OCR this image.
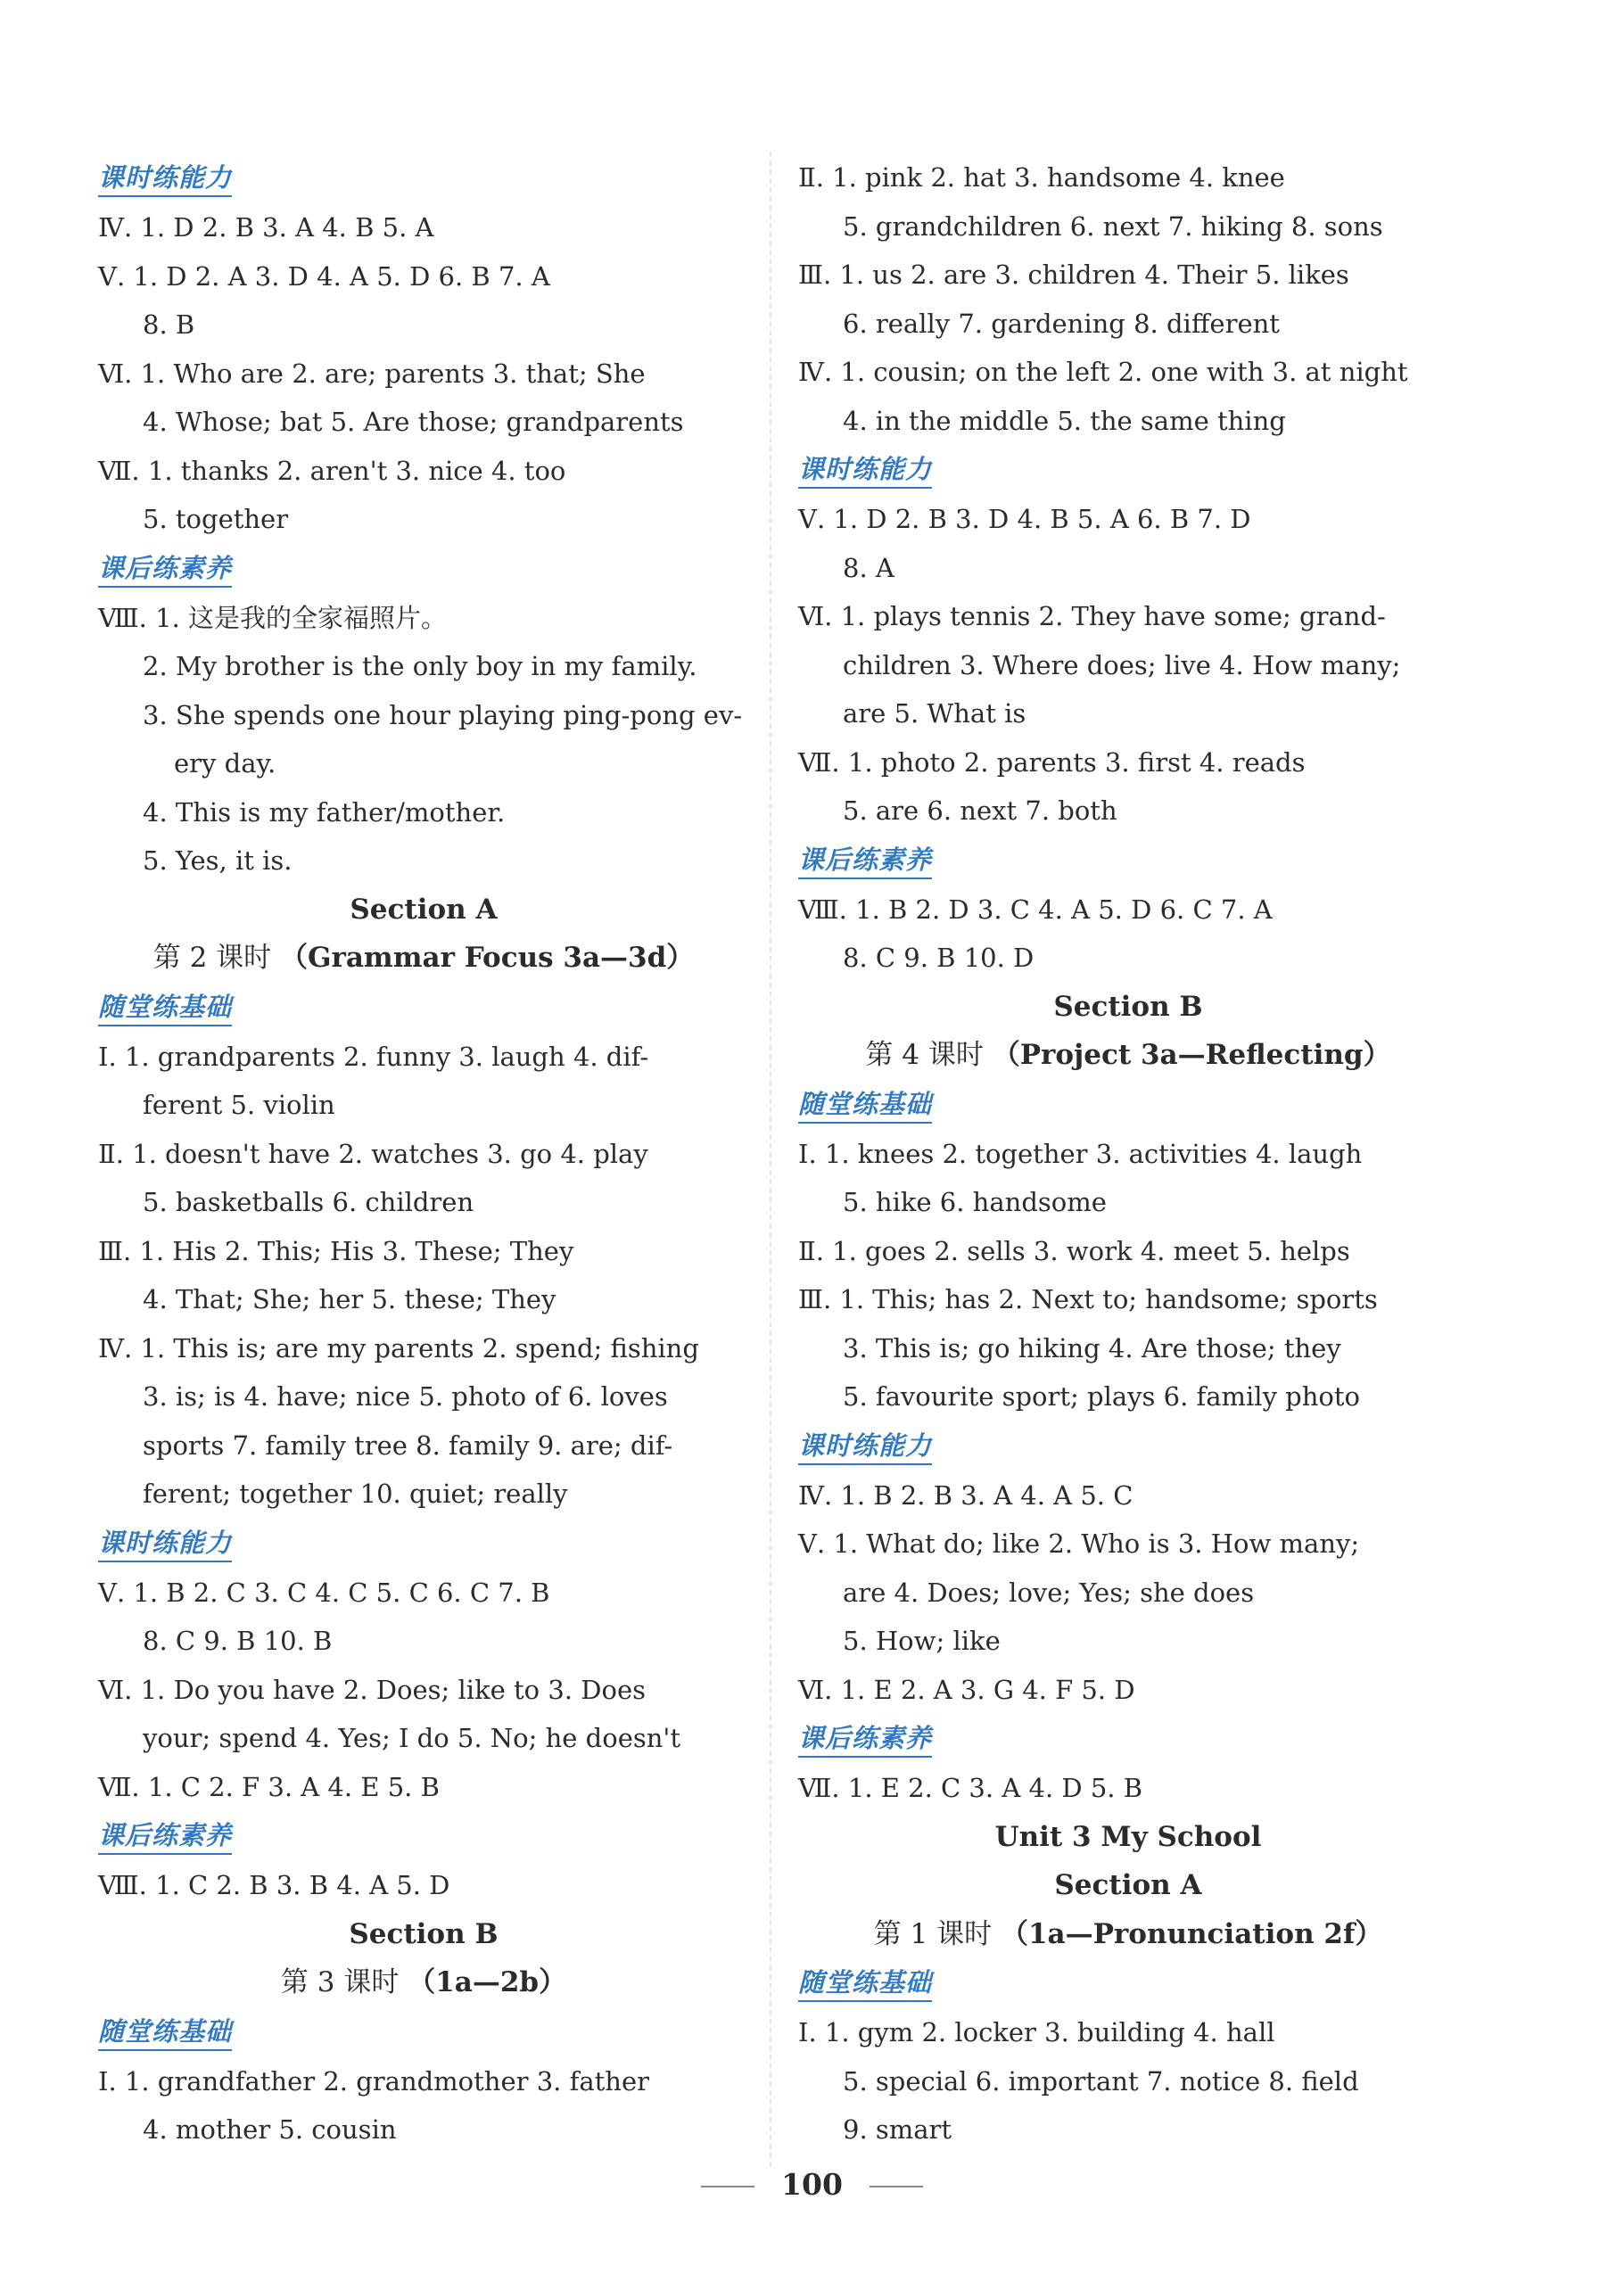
课时练能力
Ⅳ. 1. D 2. B 3. A 4. B 5. A
Ⅴ. 1. D 2. A 3. D 4. A 5. D 6. B 7. A
8. B
Ⅵ. 1. Who are 2. are; parents 3. that; She
4. Whose; bat 5. Are those; grandparents
Ⅶ. 1. thanks 2. aren't 3. nice 4. too
5. together
课后练素养
Ⅷ. 1. 这是我的全家福照片。
2. My brother is the only boy in my family.
3. She spends one hour playing ping-pong ev-
ery day.
4. This is my father/mother.
5. Yes, it is.
Section A
第 2 课时 （Grammar Focus 3a—3d）
随堂练基础
Ⅰ. 1. grandparents 2. funny 3. laugh 4. dif-
ferent 5. violin
Ⅱ. 1. doesn't have 2. watches 3. go 4. play
5. basketballs 6. children
Ⅲ. 1. His 2. This; His 3. These; They
4. That; She; her 5. these; They
Ⅳ. 1. This is; are my parents 2. spend; fishing
3. is; is 4. have; nice 5. photo of 6. loves
sports 7. family tree 8. family 9. are; dif-
ferent; together 10. quiet; really
课时练能力
Ⅴ. 1. B 2. C 3. C 4. C 5. C 6. C 7. B
8. C 9. B 10. B
Ⅵ. 1. Do you have 2. Does; like to 3. Does
your; spend 4. Yes; I do 5. No; he doesn't
Ⅶ. 1. C 2. F 3. A 4. E 5. B
课后练素养
Ⅷ. 1. C 2. B 3. B 4. A 5. D
Section B
第 3 课时 （1a—2b）
随堂练基础
Ⅰ. 1. grandfather 2. grandmother 3. father
4. mother 5. cousin
Ⅱ. 1. pink 2. hat 3. handsome 4. knee
5. grandchildren 6. next 7. hiking 8. sons
Ⅲ. 1. us 2. are 3. children 4. Their 5. likes
6. really 7. gardening 8. different
Ⅳ. 1. cousin; on the left 2. one with 3. at night
4. in the middle 5. the same thing
课时练能力
Ⅴ. 1. D 2. B 3. D 4. B 5. A 6. B 7. D
8. A
Ⅵ. 1. plays tennis 2. They have some; grand-
children 3. Where does; live 4. How many;
are 5. What is
Ⅶ. 1. photo 2. parents 3. first 4. reads
5. are 6. next 7. both
课后练素养
Ⅷ. 1. B 2. D 3. C 4. A 5. D 6. C 7. A
8. C 9. B 10. D
Section B
第 4 课时 （Project 3a—Reflecting）
随堂练基础
Ⅰ. 1. knees 2. together 3. activities 4. laugh
5. hike 6. handsome
Ⅱ. 1. goes 2. sells 3. work 4. meet 5. helps
Ⅲ. 1. This; has 2. Next to; handsome; sports
3. This is; go hiking 4. Are those; they
5. favourite sport; plays 6. family photo
课时练能力
Ⅳ. 1. B 2. B 3. A 4. A 5. C
Ⅴ. 1. What do; like 2. Who is 3. How many;
are 4. Does; love; Yes; she does
5. How; like
Ⅵ. 1. E 2. A 3. G 4. F 5. D
课后练素养
Ⅶ. 1. E 2. C 3. A 4. D 5. B
Unit 3 My School
Section A
第 1 课时 （1a—Pronunciation 2f）
随堂练基础
Ⅰ. 1. gym 2. locker 3. building 4. hall
5. special 6. important 7. notice 8. field
9. smart
100
